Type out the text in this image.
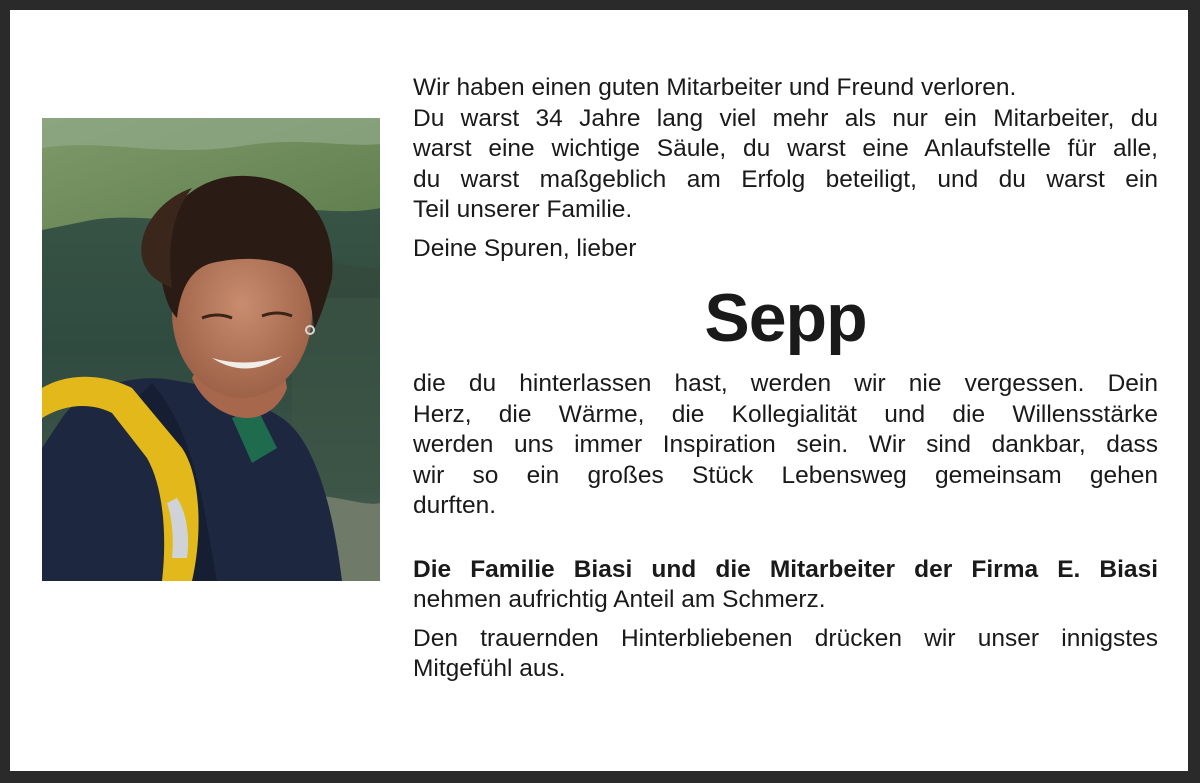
Wir haben einen guten Mitarbeiter und Freund verloren.
Du warst 34 Jahre lang viel mehr als nur ein Mitarbeiter, du
warst eine wichtige Säule, du warst eine Anlaufstelle für alle,
du warst maßgeblich am Erfolg beteiligt, und du warst ein
Teil unserer Familie.

Deine Spuren, lieber

Sepp

die du hinterlassen hast, werden wir nie vergessen. Dein
Herz, die Wärme, die Kollegialität und die Willensstärke
werden uns immer Inspiration sein. Wir sind dankbar, dass
wir so ein großes Stück Lebensweg gemeinsam gehen
durften.

Die Familie Biasi und die Mitarbeiter der Firma E. Biasi
nehmen aufrichtig Anteil am Schmerz.

Den trauernden Hinterbliebenen drücken wir unser innigstes
Mitgefühl aus.
